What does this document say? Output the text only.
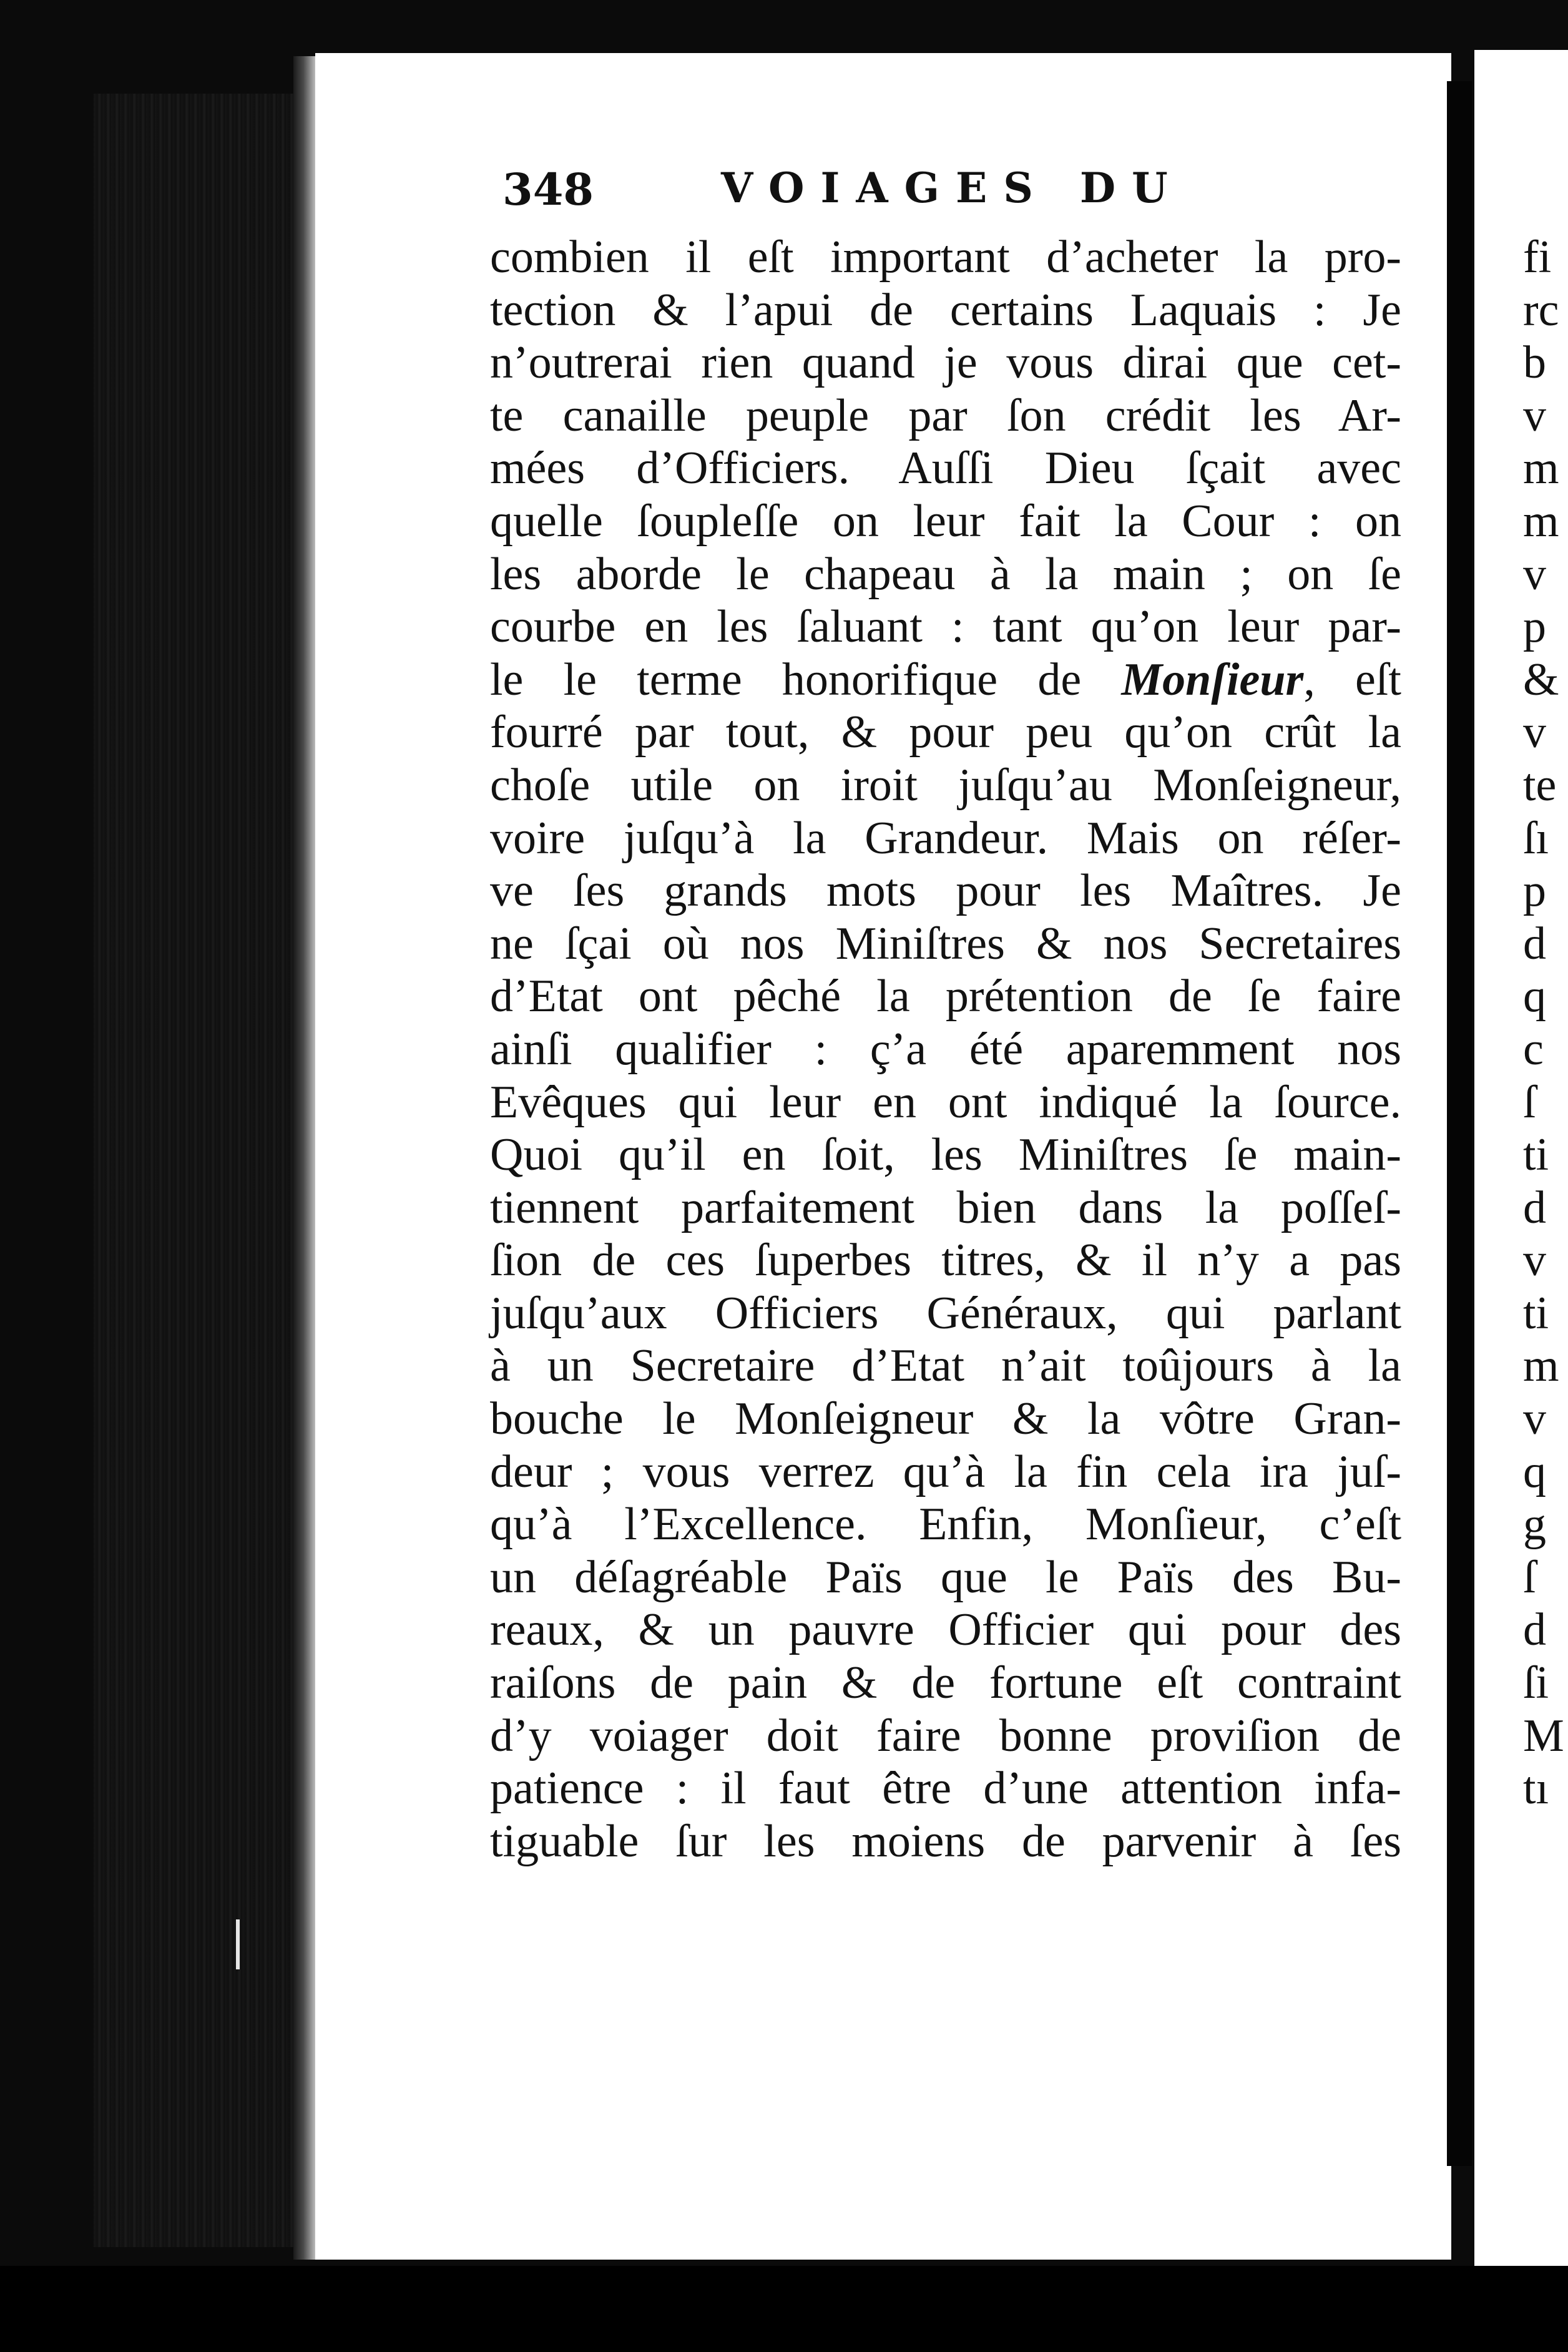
348	VOIAGES DU
combien il eſt important d’acheter la pro-
tection & l’apui de certains Laquais : Je
n’outrerai rien quand je vous dirai que cet-
te canaille peuple par ſon crédit les Ar-
mées d’Officiers. Auſſi Dieu ſçait avec
quelle ſoupleſſe on leur fait la Cour : on
les aborde le chapeau à la main ; on ſe
courbe en les ſaluant : tant qu’on leur par-
le le terme honorifique de Monſieur, eſt
fourré par tout, & pour peu qu’on crût la
choſe utile on iroit juſqu’au Monſeigneur,
voire juſqu’à la Grandeur. Mais on réſer-
ve ſes grands mots pour les Maîtres. Je
ne ſçai où nos Miniſtres & nos Secretaires
d’Etat ont pêché la prétention de ſe faire
ainſi qualifier : ç’a été aparemment nos
Evêques qui leur en ont indiqué la ſource.
Quoi qu’il en ſoit, les Miniſtres ſe main-
tiennent parfaitement bien dans la poſſeſ-
ſion de ces ſuperbes titres, & il n’y a pas
juſqu’aux Officiers Généraux, qui parlant
à un Secretaire d’Etat n’ait toûjours à la
bouche le Monſeigneur & la vôtre Gran-
deur ; vous verrez qu’à la fin cela ira juſ-
qu’à l’Excellence. Enfin, Monſieur, c’eſt
un déſagréable Païs que le Païs des Bu-
reaux, & un pauvre Officier qui pour des
raiſons de pain & de fortune eſt contraint
d’y voiager doit faire bonne proviſion de
patience : il faut être d’une attention infa-
tiguable ſur les moiens de parvenir à ſes
fi
rc
b
v
m
m
v
p
&
v
te
ſı
p
d
q
c
ſ
ti
d
v
ti
m
v
q
g
ſ
d
ſi
M
tı
